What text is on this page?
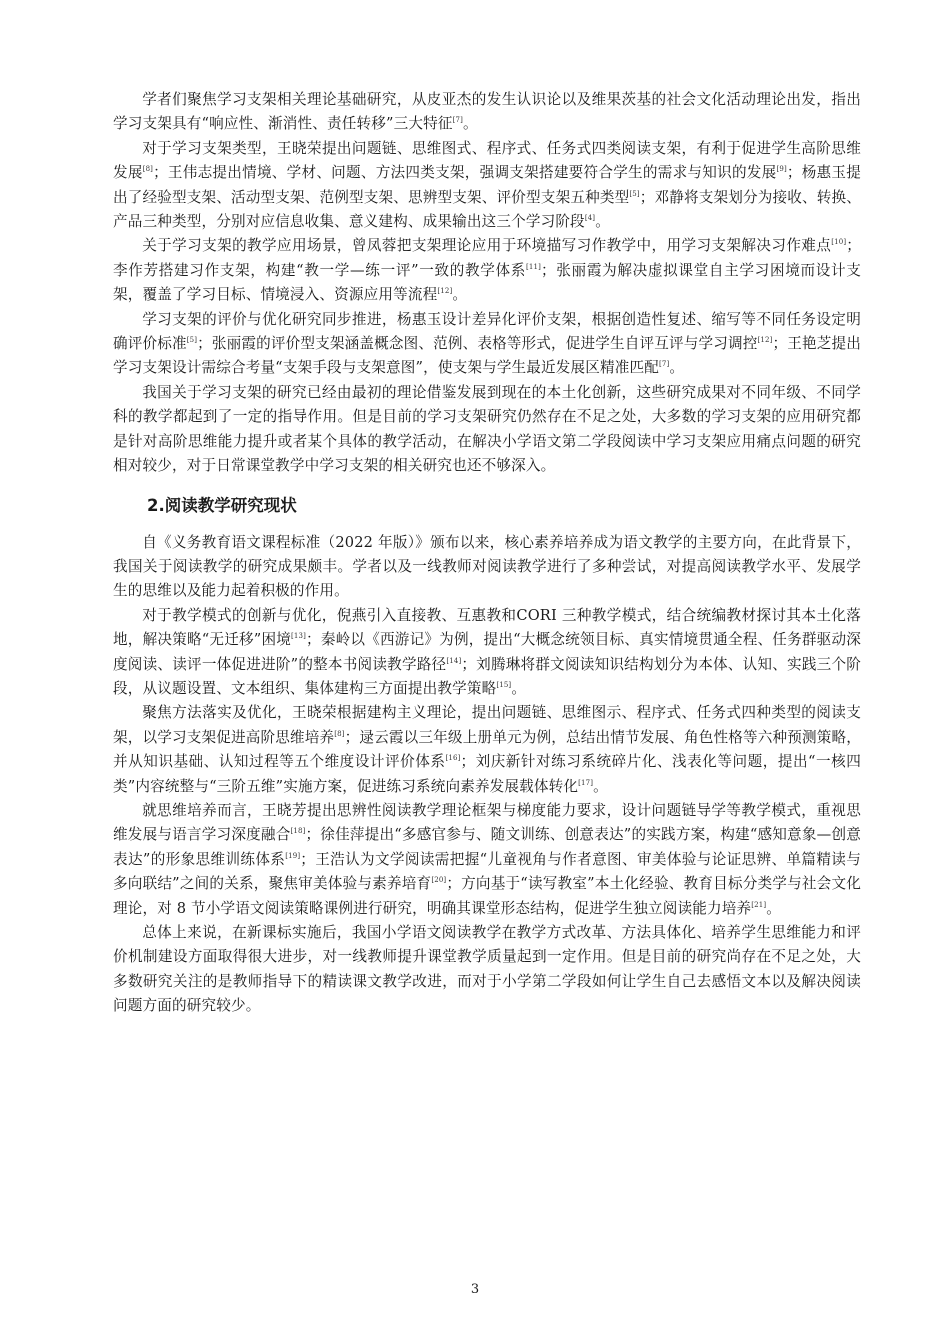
学者们聚焦学习支架相关理论基础研究，从皮亚杰的发生认识论以及维果茨基的社会文化活动理论出发，指出学习支架具有“响应性、渐消性、责任转移”三大特征[7]。

对于学习支架类型，王晓荣提出问题链、思维图式、程序式、任务式四类阅读支架，有利于促进学生高阶思维发展[8]；王伟志提出情境、学材、问题、方法四类支架，强调支架搭建要符合学生的需求与知识的发展[9]；杨惠玉提出了经验型支架、活动型支架、范例型支架、思辨型支架、评价型支架五种类型[5]；邓静将支架划分为接收、转换、产品三种类型，分别对应信息收集、意义建构、成果输出这三个学习阶段[4]。

关于学习支架的教学应用场景，曾凤蓉把支架理论应用于环境描写习作教学中，用学习支架解决习作难点[10]；李作芳搭建习作支架，构建“教一学—练一评”一致的教学体系[11]；张丽霞为解决虚拟课堂自主学习困境而设计支架，覆盖了学习目标、情境浸入、资源应用等流程[12]。

学习支架的评价与优化研究同步推进，杨惠玉设计差异化评价支架，根据创造性复述、缩写等不同任务设定明确评价标准[5]；张丽霞的评价型支架涵盖概念图、范例、表格等形式，促进学生自评互评与学习调控[12]；王艳芝提出学习支架设计需综合考量“支架手段与支架意图”，使支架与学生最近发展区精准匹配[7]。

我国关于学习支架的研究已经由最初的理论借鉴发展到现在的本土化创新，这些研究成果对不同年级、不同学科的教学都起到了一定的指导作用。但是目前的学习支架研究仍然存在不足之处，大多数的学习支架的应用研究都是针对高阶思维能力提升或者某个具体的教学活动，在解决小学语文第二学段阅读中学习支架应用痛点问题的研究相对较少，对于日常课堂教学中学习支架的相关研究也还不够深入。

2.阅读教学研究现状

自《义务教育语文课程标准（2022 年版）》颁布以来，核心素养培养成为语文教学的主要方向，在此背景下，我国关于阅读教学的研究成果颇丰。学者以及一线教师对阅读教学进行了多种尝试，对提高阅读教学水平、发展学生的思维以及能力起着积极的作用。

对于教学模式的创新与优化，倪燕引入直接教、互惠教和CORI 三种教学模式，结合统编教材探讨其本土化落地，解决策略“无迁移”困境[13]；秦岭以《西游记》为例，提出“大概念统领目标、真实情境贯通全程、任务群驱动深度阅读、读评一体促进进阶”的整本书阅读教学路径[14]；刘腾琳将群文阅读知识结构划分为本体、认知、实践三个阶段，从议题设置、文本组织、集体建构三方面提出教学策略[15]。

聚焦方法落实及优化，王晓荣根据建构主义理论，提出问题链、思维图示、程序式、任务式四种类型的阅读支架，以学习支架促进高阶思维培养[8]；逯云霞以三年级上册单元为例，总结出情节发展、角色性格等六种预测策略，并从知识基础、认知过程等五个维度设计评价体系[16]；刘庆新针对练习系统碎片化、浅表化等问题，提出“一核四类”内容统整与“三阶五维”实施方案，促进练习系统向素养发展载体转化[17]。

就思维培养而言，王晓芳提出思辨性阅读教学理论框架与梯度能力要求，设计问题链导学等教学模式，重视思维发展与语言学习深度融合[18]；徐佳萍提出“多感官参与、随文训练、创意表达”的实践方案，构建“感知意象—创意表达”的形象思维训练体系[19]；王浩认为文学阅读需把握“儿童视角与作者意图、审美体验与论证思辨、单篇精读与多向联结”之间的关系，聚焦审美体验与素养培育[20]；方向基于“读写教室”本土化经验、教育目标分类学与社会文化理论，对 8 节小学语文阅读策略课例进行研究，明确其课堂形态结构，促进学生独立阅读能力培养[21]。

总体上来说，在新课标实施后，我国小学语文阅读教学在教学方式改革、方法具体化、培养学生思维能力和评价机制建设方面取得很大进步，对一线教师提升课堂教学质量起到一定作用。但是目前的研究尚存在不足之处，大多数研究关注的是教师指导下的精读课文教学改进，而对于小学第二学段如何让学生自己去感悟文本以及解决阅读问题方面的研究较少。

3
